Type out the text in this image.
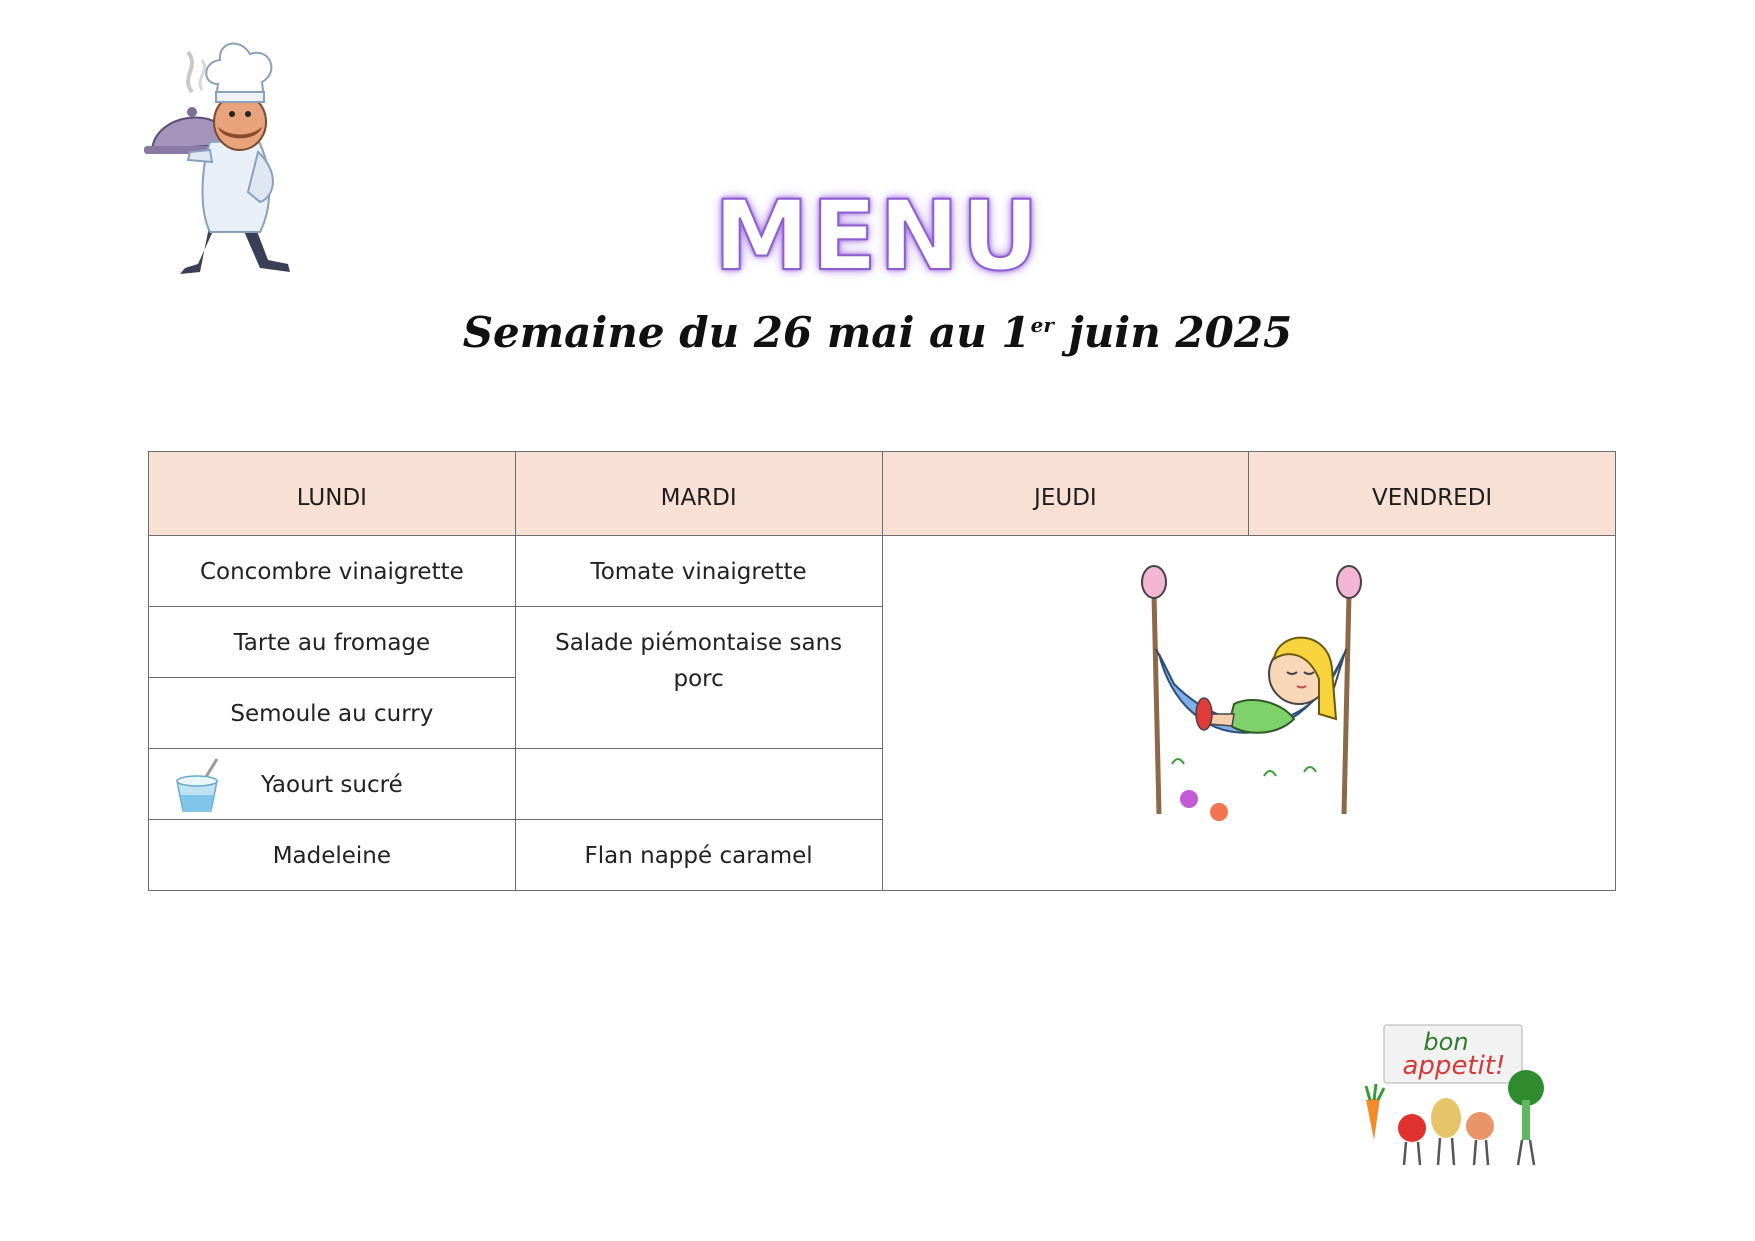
MENU
Semaine du 26 mai au 1er juin 2025
LUNDI	MARDI	JEUDI	VENDREDI
Concombre vinaigrette	Tomate vinaigrette	

Tarte au fromage	Salade piémontaise sans porc		
Semoule au curry			

Yaourt sucré			
Madeleine	Flan nappé caramel		
bon
appetit!
